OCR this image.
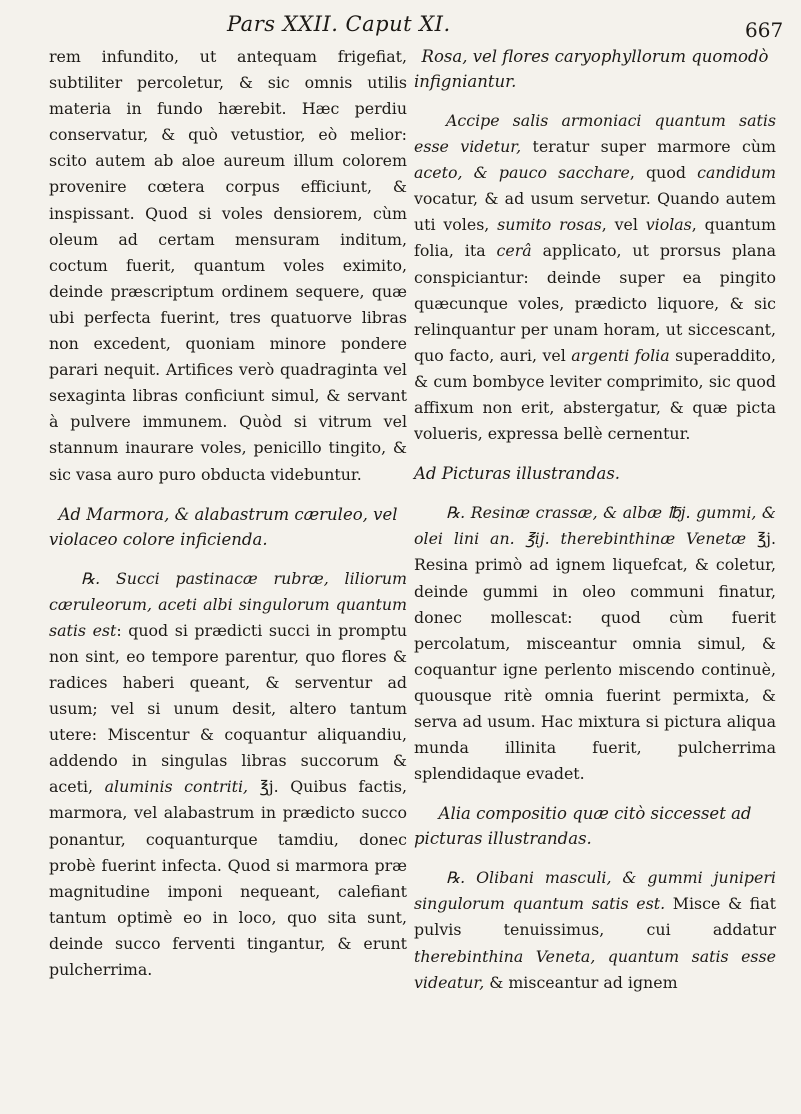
Pars XXII. Caput XI.	667

rem infundito, ut antequam frigefiat, subtiliter percoletur, & sic omnis utilis materia in fundo hærebit. Hæc perdiu conservatur, & quò vetustior, eò melior: scito autem ab aloe aureum illum colorem provenire cœtera corpus efficiunt, & inspissant. Quod si voles densiorem, cùm oleum ad certam mensuram inditum, coctum fuerit, quantum voles eximito, deinde præscriptum ordinem sequere, quæ ubi perfecta fuerint, tres quatuorve libras non excedent, quoniam minore pondere parari nequit. Artifices verò quadraginta vel sexaginta libras conficiunt simul, & servant à pulvere immunem. Quòd si vitrum vel stannum inaurare voles, penicillo tingito, & sic vasa auro puro obducta videbuntur.

Ad Marmora, & alabastrum cæruleo, vel violaceo colore inficienda.

℞. Succi pastinacæ rubræ, liliorum cæruleorum, aceti albi singulorum quantum satis est: quod si prædicti succi in promptu non sint, eo tempore parentur, quo flores & radices haberi queant, & serventur ad usum; vel si unum desit, altero tantum utere: Miscentur & coquantur aliquandiu, addendo in singulas libras succorum & aceti, aluminis contriti, ℥j. Quibus factis, marmora, vel alabastrum in prædicto succo ponantur, coquanturque tamdiu, donec probè fuerint infecta. Quod si marmora præ magnitudine imponi nequeant, calefiant tantum optimè eo in loco, quo sita sunt, deinde succo ferventi tingantur, & erunt pulcherrima.

Rosa, vel flores caryophyllorum quomodò infigniantur.

Accipe salis armoniaci quantum satis esse videtur, teratur super marmore cùm aceto, & pauco sacchare, quod candidum vocatur, & ad usum servetur. Quando autem uti voles, sumito rosas, vel violas, quantum folia, ita cerâ applicato, ut prorsus plana conspiciantur: deinde super ea pingito quæcunque voles, prædicto liquore, & sic relinquantur per unam horam, ut siccescant, quo facto, auri, vel argenti folia superaddito, & cum bombyce leviter comprimito, sic quod affixum non erit, abstergatur, & quæ picta volueris, expressa bellè cernentur.

Ad Picturas illustrandas.

℞. Resinæ crassæ, & albæ ℔j. gummi, & olei lini an. ℥ij. therebinthinæ Venetæ ℥j. Resina primò ad ignem liquefcat, & coletur, deinde gummi in oleo communi finatur, donec mollescat: quod cùm fuerit percolatum, misceantur omnia simul, & coquantur igne perlento miscendo continuè, quousque ritè omnia fuerint permixta, & serva ad usum. Hac mixtura si pictura aliqua munda illinita fuerit, pulcherrima splendidaque evadet.

Alia compositio quæ citò siccesset ad picturas illustrandas.

℞. Olibani masculi, & gummi juniperi singulorum quantum satis est. Misce & fiat pulvis tenuissimus, cui addatur therebinthina Veneta, quantum satis esse videatur, & misceantur ad ignem
